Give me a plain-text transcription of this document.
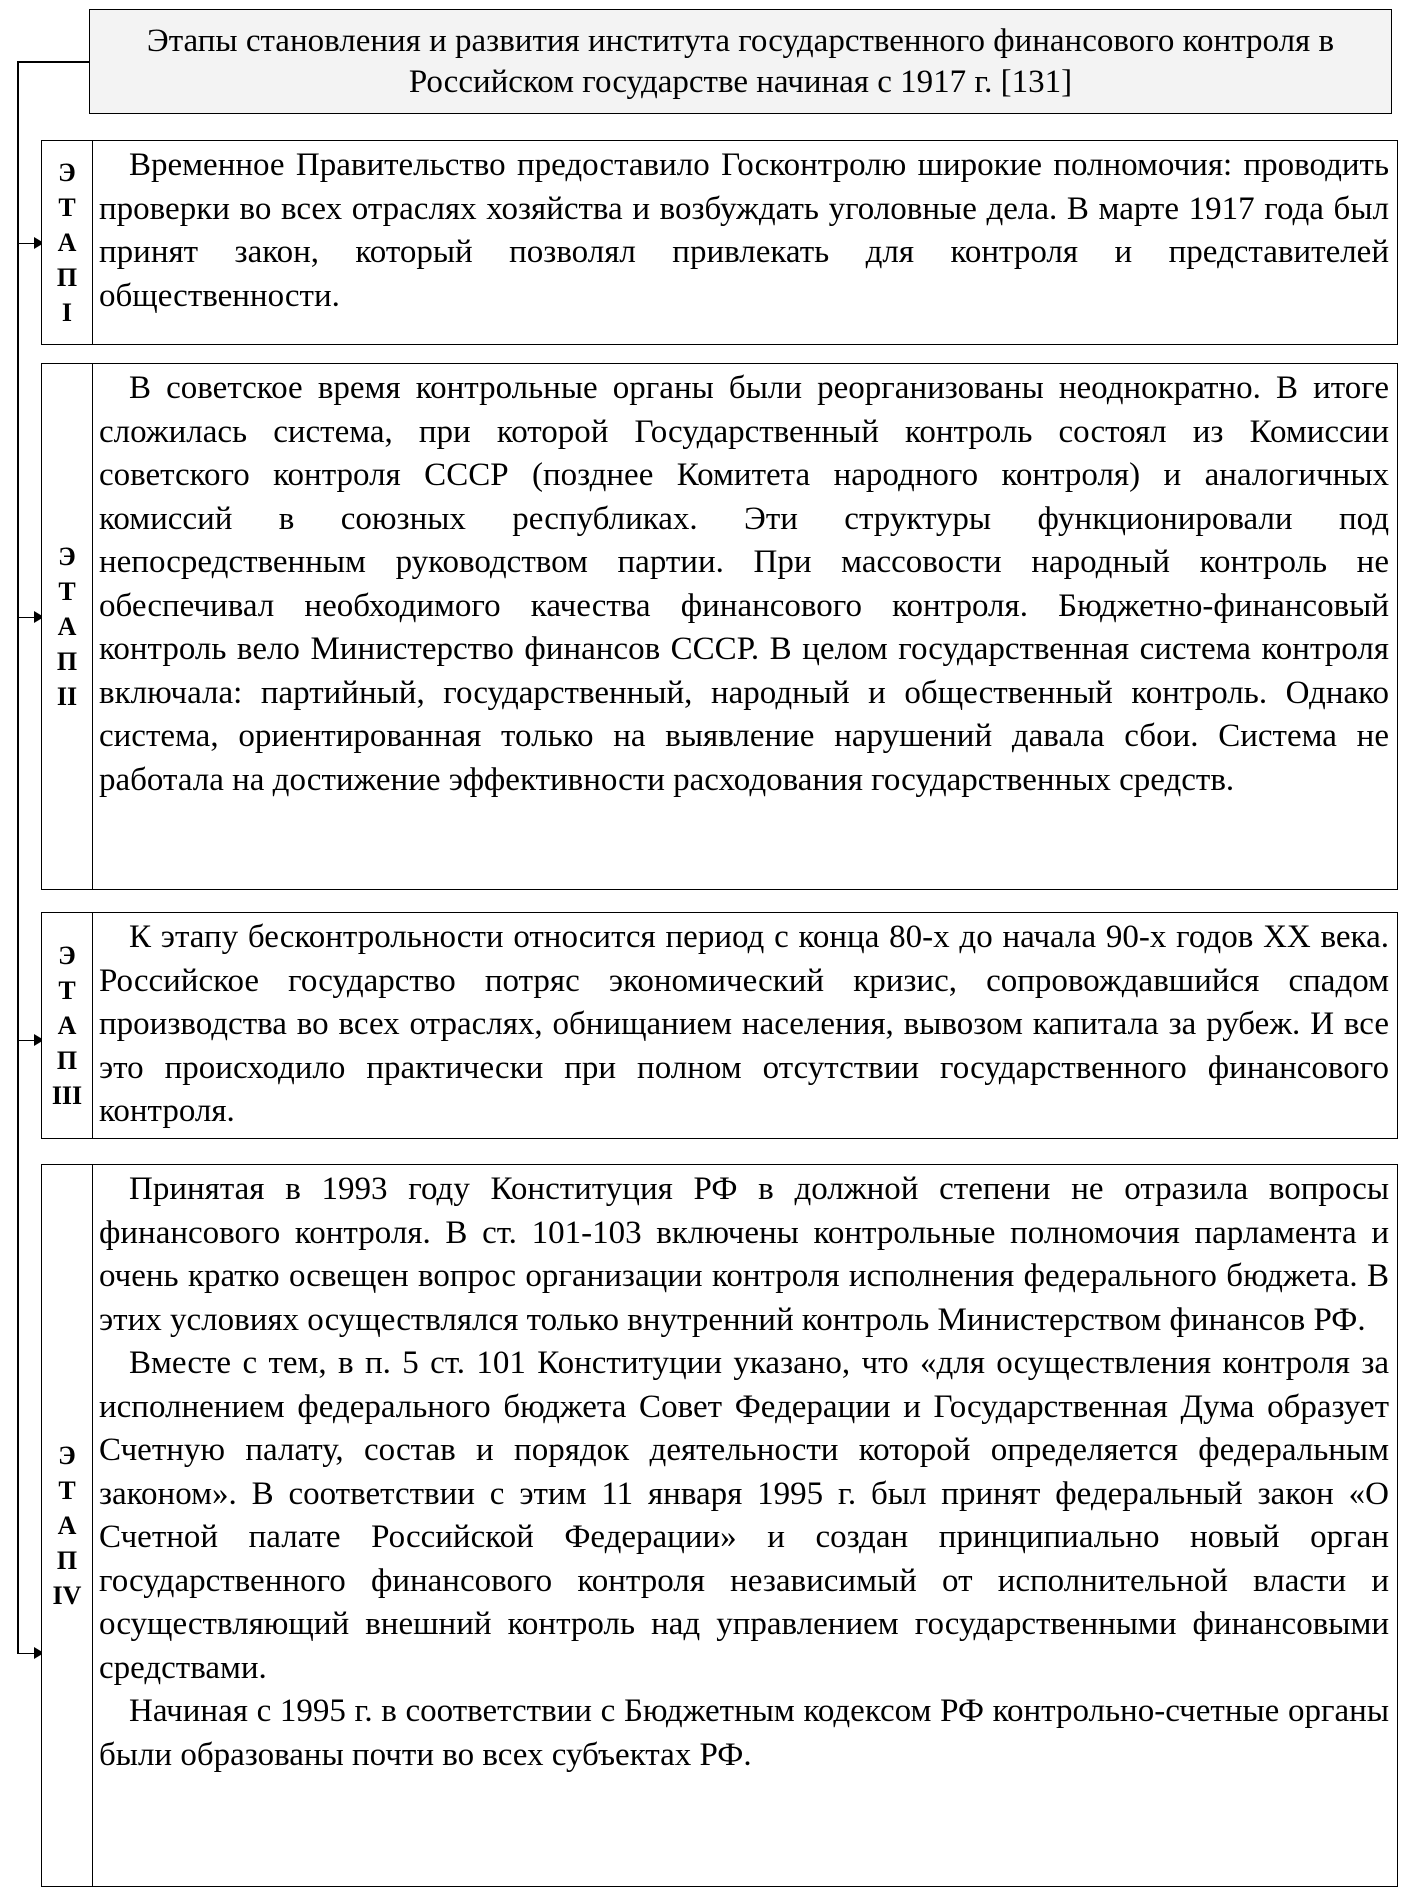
Этапы становления и развития института государственного финансового контроля в Российском государстве начиная с 1917 г. [131]
Э
Т
А
П
I

Временное Правительство предоставило Госконтролю широкие полномочия: проводить проверки во всех отраслях хозяйства и возбуждать уголовные дела. В марте 1917 года был принят закон, который позволял привлекать для контроля и представителей общественности.

Э
Т
А
П
II

В советское время контрольные органы были реорганизованы неоднократно. В итоге сложилась система, при которой Государственный контроль состоял из Комиссии советского контроля СССР (позднее Комитета народного контроля) и аналогичных комиссий в союзных республиках. Эти структуры функционировали под непосредственным руководством партии. При массовости народный контроль не обеспечивал необходимого качества финансового контроля. Бюджетно-финансовый контроль вело Министерство финансов СССР. В целом государственная система контроля включала: партийный, государственный, народный и общественный контроль. Однако система, ориентированная только на выявление нарушений давала сбои. Система не работала на достижение эффективности расходования государственных средств.

Э
Т
А
П
III

К этапу бесконтрольности относится период с конца 80-х до начала 90-х годов XX века. Российское государство потряс экономический кризис, сопровождавшийся спадом производства во всех отраслях, обнищанием населения, вывозом капитала за рубеж. И все это происходило практически при полном отсутствии государственного финансового контроля.

Э
Т
А
П
IV

Принятая в 1993 году Конституция РФ в должной степени не отразила вопросы финансового контроля. В ст. 101-103 включены контрольные полномочия парламента и очень кратко освещен вопрос организации контроля исполнения федерального бюджета. В этих условиях осуществлялся только внутренний контроль Министерством финансов РФ.

Вместе с тем, в п. 5 ст. 101 Конституции указано, что «для осуществления контроля за исполнением федерального бюджета Совет Федерации и Государственная Дума образует Счетную палату, состав и порядок деятельности которой определяется федеральным законом». В соответствии с этим 11 января 1995 г. был принят федеральный закон «О Счетной палате Российской Федерации» и создан принципиально новый орган государственного финансового контроля независимый от исполнительной власти и осуществляющий внешний контроль над управлением государственными финансовыми средствами.

Начиная с 1995 г. в соответствии с Бюджетным кодексом РФ контрольно-счетные органы были образованы почти во всех субъектах РФ.
